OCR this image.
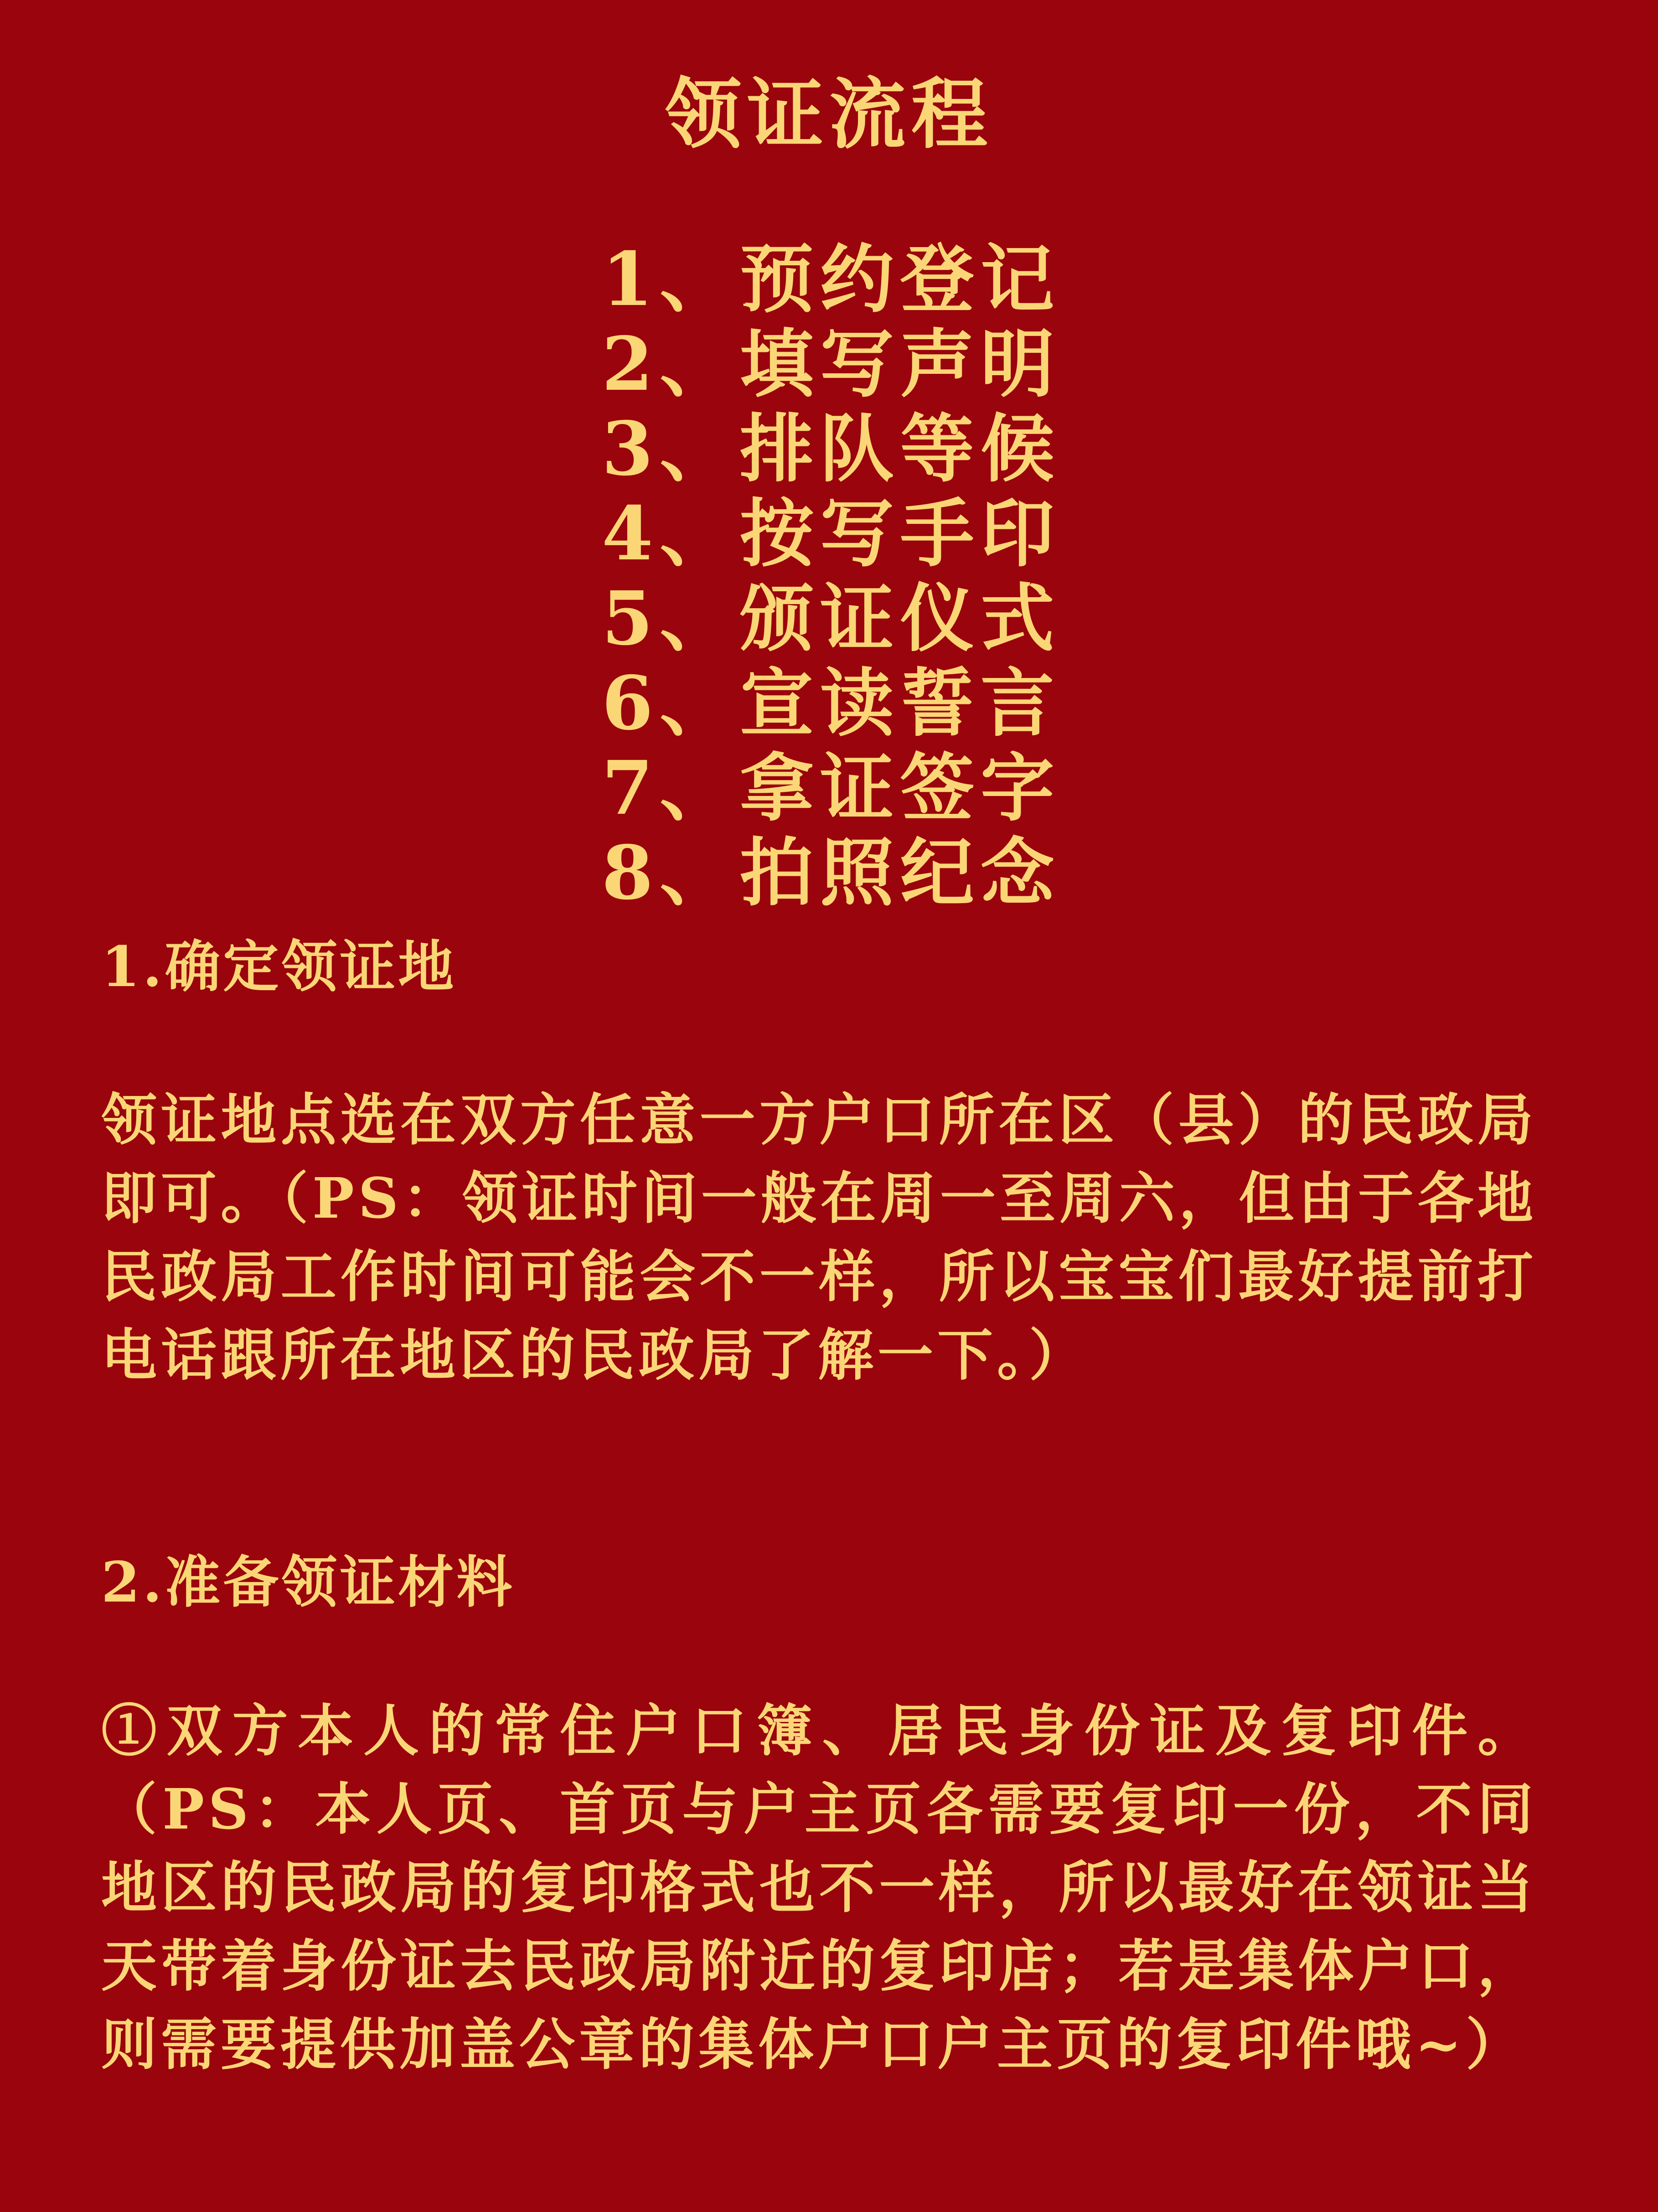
领证流程
1、预约登记
2、填写声明
3、排队等候
4、按写手印
5、颁证仪式
6、宣读誓言
7、拿证签字
8、拍照纪念
1.确定领证地
领证地点选在双方任意一方户口所在区（县）的民政局即可。（PS：领证时间一般在周一至周六，但由于各地民政局工作时间可能会不一样，所以宝宝们最好提前打电话跟所在地区的民政局了解一下。）
2.准备领证材料
①双方本人的常住户口簿、居民身份证及复印件。（PS：本人页、首页与户主页各需要复印一份，不同地区的民政局的复印格式也不一样，所以最好在领证当天带着身份证去民政局附近的复印店；若是集体户口，则需要提供加盖公章的集体户口户主页的复印件哦~）
